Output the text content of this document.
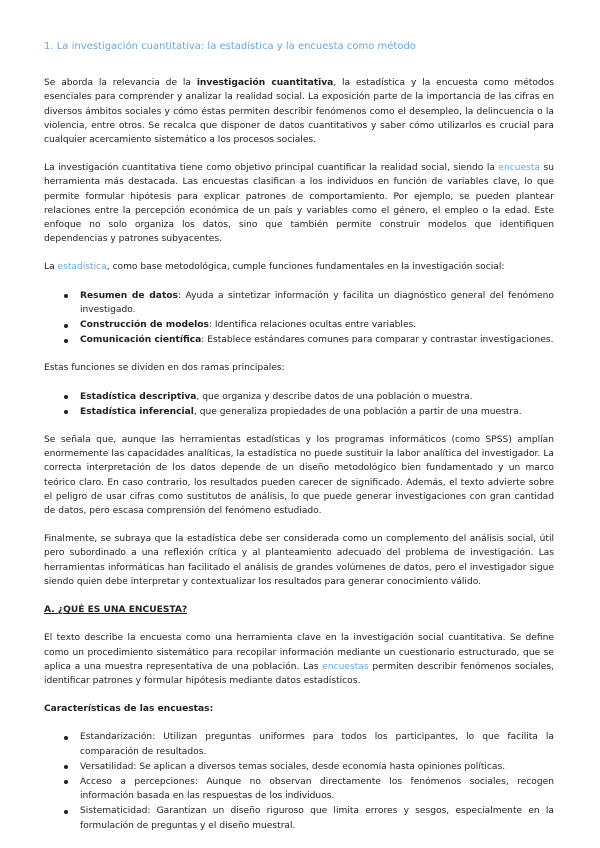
1. La investigación cuantitativa: la estadística y la encuesta como método

Se aborda la relevancia de la investigación cuantitativa, la estadística y la encuesta como métodos esenciales para comprender y analizar la realidad social. La exposición parte de la importancia de las cifras en diversos ámbitos sociales y cómo éstas permiten describir fenómenos como el desempleo, la delincuencia o la violencia, entre otros. Se recalca que disponer de datos cuantitativos y saber cómo utilizarlos es crucial para cualquier acercamiento sistemático a los procesos sociales.

La investigación cuantitativa tiene como objetivo principal cuantificar la realidad social, siendo la encuesta su herramienta más destacada. Las encuestas clasifican a los individuos en función de variables clave, lo que permite formular hipótesis para explicar patrones de comportamiento. Por ejemplo, se pueden plantear relaciones entre la percepción económica de un país y variables como el género, el empleo o la edad. Este enfoque no solo organiza los datos, sino que también permite construir modelos que identifiquen dependencias y patrones subyacentes.

La estadística, como base metodológica, cumple funciones fundamentales en la investigación social:

Resumen de datos: Ayuda a sintetizar información y facilita un diagnóstico general del fenómeno investigado.
Construcción de modelos: Identifica relaciones ocultas entre variables.
Comunicación científica: Establece estándares comunes para comparar y contrastar investigaciones.

Estas funciones se dividen en dos ramas principales:

Estadística descriptiva, que organiza y describe datos de una población o muestra.
Estadística inferencial, que generaliza propiedades de una población a partir de una muestra.

Se señala que, aunque las herramientas estadísticas y los programas informáticos (como SPSS) amplían enormemente las capacidades analíticas, la estadística no puede sustituir la labor analítica del investigador. La correcta interpretación de los datos depende de un diseño metodológico bien fundamentado y un marco teórico claro. En caso contrario, los resultados pueden carecer de significado. Además, el texto advierte sobre el peligro de usar cifras como sustitutos de análisis, lo que puede generar investigaciones con gran cantidad de datos, pero escasa comprensión del fenómeno estudiado.

Finalmente, se subraya que la estadística debe ser considerada como un complemento del análisis social, útil pero subordinado a una reflexión crítica y al planteamiento adecuado del problema de investigación. Las herramientas informáticas han facilitado el análisis de grandes volúmenes de datos, pero el investigador sigue siendo quien debe interpretar y contextualizar los resultados para generar conocimiento válido.

A. ¿QUÉ ES UNA ENCUESTA?

El texto describe la encuesta como una herramienta clave en la investigación social cuantitativa. Se define como un procedimiento sistemático para recopilar información mediante un cuestionario estructurado, que se aplica a una muestra representativa de una población. Las encuestas permiten describir fenómenos sociales, identificar patrones y formular hipótesis mediante datos estadísticos.

Características de las encuestas:
Estandarización: Utilizan preguntas uniformes para todos los participantes, lo que facilita la comparación de resultados.
Versatilidad: Se aplican a diversos temas sociales, desde economía hasta opiniones políticas.
Acceso a percepciones: Aunque no observan directamente los fenómenos sociales, recogen información basada en las respuestas de los individuos.
Sistematicidad: Garantizan un diseño riguroso que limita errores y sesgos, especialmente en la formulación de preguntas y el diseño muestral.
